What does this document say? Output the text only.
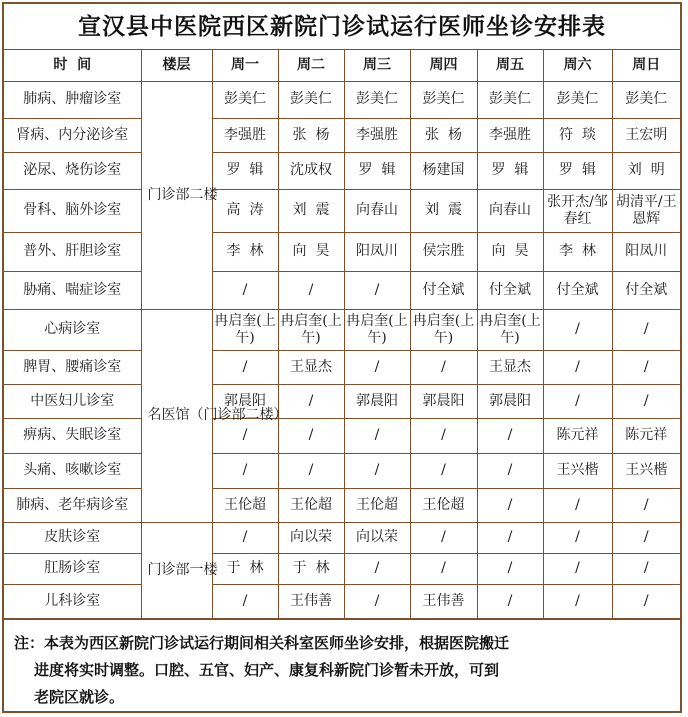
宣汉县中医院西区新院门诊试运行医师坐诊安排表
时  间	楼层	周一	周二	周三	周四	周五	周六	周日
肺病、肿瘤诊室	门诊部二楼	彭美仁	彭美仁	彭美仁	彭美仁	彭美仁	彭美仁	彭美仁
肾病、内分泌诊室		李强胜	张  杨	李强胜	张  杨	李强胜	符  琰	王宏明
泌尿、烧伤诊室		罗  辑	沈成权	罗  辑	杨建国	罗  辑	罗  辑	刘  明
骨科、脑外诊室		高  涛	刘  震	向春山	刘  震	向春山	张开杰/邹春红	胡清平/王恩辉
普外、肝胆诊室		李  林	向  昊	阳凤川	侯宗胜	向  昊	李  林	阳凤川
胁痛、喘症诊室		/	/	/	付全斌	付全斌	付全斌	付全斌
心病诊室	名医馆（门诊部二楼）	冉启奎(上午)	冉启奎(上午)	冉启奎(上午)	冉启奎(上午)	冉启奎(上午)	/	/
脾胃、腰痛诊室		/	王显杰	/	/	王显杰	/	/
中医妇儿诊室		郭晨阳	/	郭晨阳	郭晨阳	郭晨阳	/	/
痹病、失眠诊室		/	/	/	/	/	陈元祥	陈元祥
头痛、咳嗽诊室		/	/	/	/	/	王兴楷	王兴楷
肺病、老年病诊室		王伦超	王伦超	王伦超	王伦超	/	/	/
皮肤诊室	门诊部一楼	/	向以荣	向以荣	/	/	/	/
肛肠诊室		于  林	于  林	/	/	/	/	/
儿科诊室		/	王伟善	/	王伟善	/	/	/
注：本表为西区新院门诊试运行期间相关科室医师坐诊安排，根据医院搬迁
进度将实时调整。口腔、五官、妇产、康复科新院门诊暂未开放，可到
老院区就诊。
